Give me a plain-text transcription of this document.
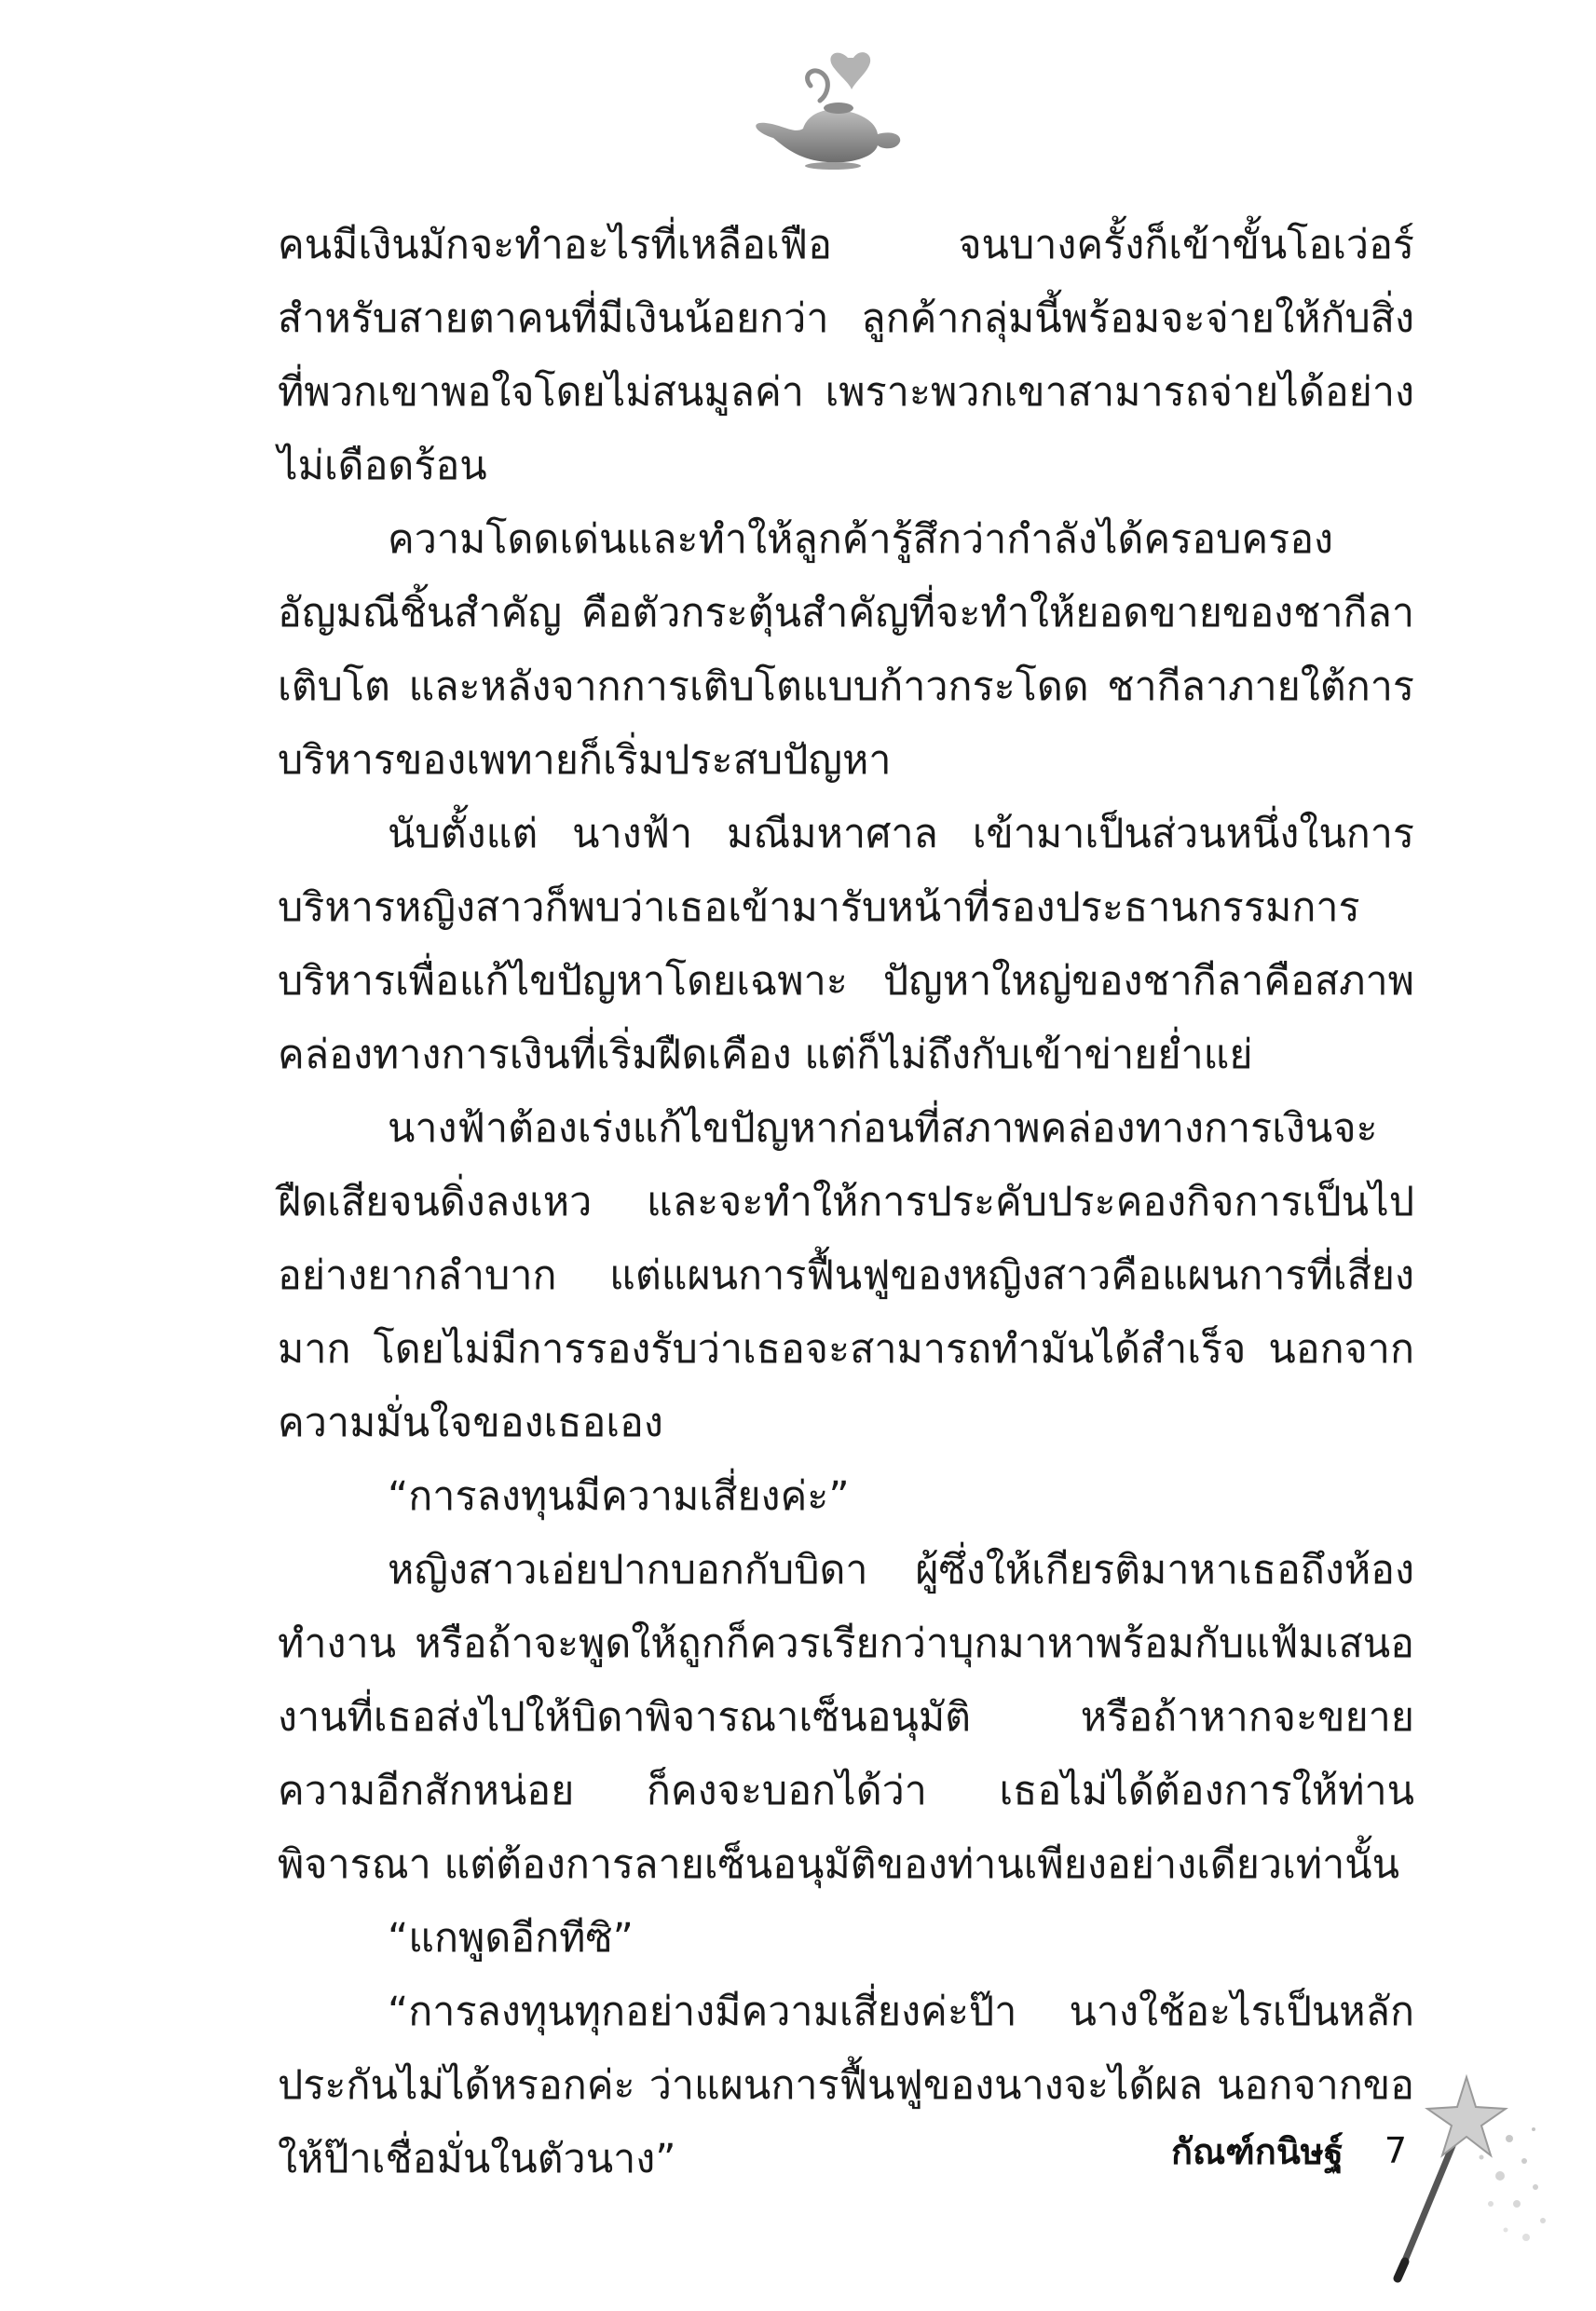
คนมีเงินมักจะทำอะไรที่เหลือเฟือ จนบางครั้งก็เข้าขั้นโอเว่อร์สำหรับสายตาคนที่มีเงินน้อยกว่า ลูกค้ากลุ่มนี้พร้อมจะจ่ายให้กับสิ่งที่พวกเขาพอใจโดยไม่สนมูลค่า เพราะพวกเขาสามารถจ่ายได้อย่างไม่เดือดร้อน

ความโดดเด่นและทำให้ลูกค้ารู้สึกว่ากำลังได้ครอบครองอัญมณีชิ้นสำคัญ คือตัวกระตุ้นสำคัญที่จะทำให้ยอดขายของชากีลาเติบโต และหลังจากการเติบโตแบบก้าวกระโดด ชากีลาภายใต้การบริหารของเพทายก็เริ่มประสบปัญหา

นับตั้งแต่ นางฟ้า มณีมหาศาล เข้ามาเป็นส่วนหนึ่งในการบริหารหญิงสาวก็พบว่าเธอเข้ามารับหน้าที่รองประธานกรรมการบริหารเพื่อแก้ไขปัญหาโดยเฉพาะ ปัญหาใหญ่ของชากีลาคือสภาพคล่องทางการเงินที่เริ่มฝืดเคือง แต่ก็ไม่ถึงกับเข้าข่ายย่ำแย่

นางฟ้าต้องเร่งแก้ไขปัญหาก่อนที่สภาพคล่องทางการเงินจะฝืดเสียจนดิ่งลงเหว และจะทำให้การประคับประคองกิจการเป็นไปอย่างยากลำบาก แต่แผนการฟื้นฟูของหญิงสาวคือแผนการที่เสี่ยงมาก โดยไม่มีการรองรับว่าเธอจะสามารถทำมันได้สำเร็จ นอกจากความมั่นใจของเธอเอง

“การลงทุนมีความเสี่ยงค่ะ”

หญิงสาวเอ่ยปากบอกกับบิดา ผู้ซึ่งให้เกียรติมาหาเธอถึงห้องทำงาน หรือถ้าจะพูดให้ถูกก็ควรเรียกว่าบุกมาหาพร้อมกับแฟ้มเสนองานที่เธอส่งไปให้บิดาพิจารณาเซ็นอนุมัติ หรือถ้าหากจะขยายความอีกสักหน่อย ก็คงจะบอกได้ว่า เธอไม่ได้ต้องการให้ท่านพิจารณา แต่ต้องการลายเซ็นอนุมัติของท่านเพียงอย่างเดียวเท่านั้น

“แกพูดอีกทีซิ”

“การลงทุนทุกอย่างมีความเสี่ยงค่ะป๊า นางใช้อะไรเป็นหลักประกันไม่ได้หรอกค่ะ ว่าแผนการฟื้นฟูของนางจะได้ผล นอกจากขอให้ป๊าเชื่อมั่นในตัวนาง”	กัณฑ์กนิษฐ์ 7
